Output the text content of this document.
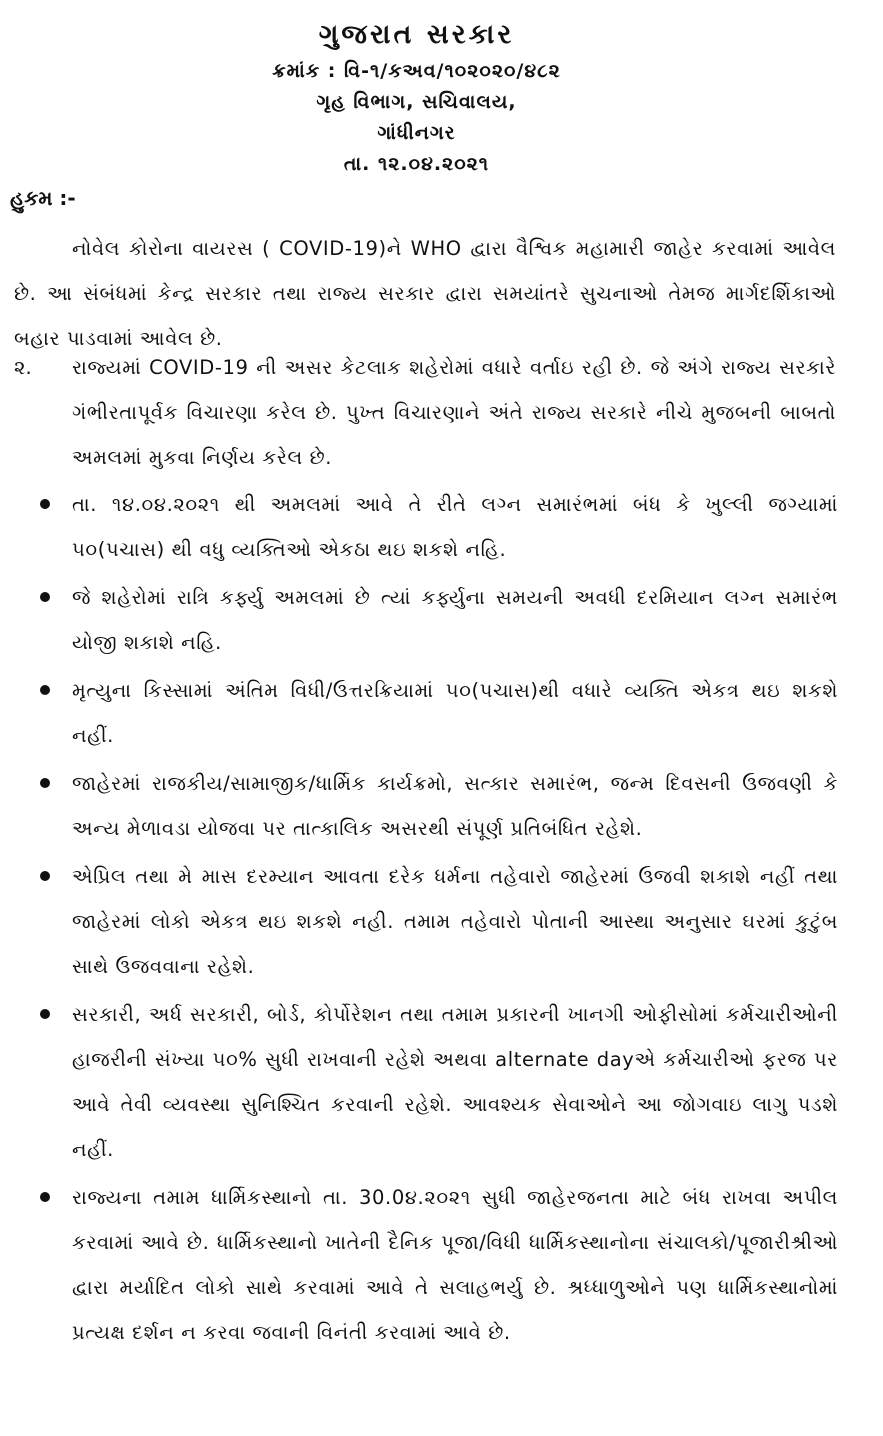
ગુજરાત સરકાર
ક્રમાંક : વિ-૧/કઅવ/૧૦૨૦૨૦/૪૮૨
ગૃહ વિભાગ, સચિવાલય,
ગાંધીનગર
તા. ૧૨.૦૪.૨૦૨૧
હુકમ :-
નોવેલ કોરોના વાયરસ ( COVID-19)ને WHO દ્વારા વૈશ્વિક મહામારી જાહેર કરવામાં આવેલ છે. આ સંબંધમાં કેન્દ્ર સરકાર તથા રાજ્ય સરકાર દ્વારા સમયાંતરે સુચનાઓ તેમજ માર્ગદર્શિકાઓ બહાર પાડવામાં આવેલ છે.
૨. રાજ્યમાં COVID-19 ની અસર કેટલાક શહેરોમાં વધારે વર્તાઇ રહી છે. જે અંગે રાજ્ય સરકારે ગંભીરતાપૂર્વક વિચારણા કરેલ છે. પુખ્ત વિચારણાને અંતે રાજ્ય સરકારે નીચે મુજબની બાબતો અમલમાં મુકવા નિર્ણય કરેલ છે.
તા. ૧૪.૦૪.૨૦૨૧ થી અમલમાં આવે તે રીતે લગ્ન સમારંભમાં બંધ કે ખુલ્લી જગ્યામાં ૫૦(પચાસ) થી વધુ વ્યક્તિઓ એકઠા થઇ શકશે નહિ.
જે શહેરોમાં રાત્રિ કર્ફ્યુ અમલમાં છે ત્યાં કર્ફ્યુના સમયની અવધી દરમિયાન લગ્ન સમારંભ યોજી શકાશે નહિ.
મૃત્યુના કિસ્સામાં અંતિમ વિધી/ઉત્તરક્રિયામાં ૫૦(પચાસ)થી વધારે વ્યક્તિ એકત્ર થઇ શકશે નહીં.
જાહેરમાં રાજકીય/સામાજીક/ધાર્મિક કાર્યક્રમો, સત્કાર સમારંભ, જન્મ દિવસની ઉજવણી કે અન્ય મેળાવડા યોજવા પર તાત્કાલિક અસરથી સંપૂર્ણ પ્રતિબંધિત રહેશે.
એપ્રિલ તથા મે માસ દરમ્યાન આવતા દરેક ધર્મના તહેવારો જાહેરમાં ઉજવી શકાશે નહીં તથા જાહેરમાં લોકો એકત્ર થઇ શકશે નહી. તમામ તહેવારો પોતાની આસ્થા અનુસાર ઘરમાં કુટુંબ સાથે ઉજવવાના રહેશે.
સરકારી, અર્ધ સરકારી, બોર્ડ, કોર્પોરેશન તથા તમામ પ્રકારની ખાનગી ઓફીસોમાં કર્મચારીઓની હાજરીની સંખ્યા ૫૦% સુધી રાખવાની રહેશે અથવા alternate dayએ કર્મચારીઓ ફરજ પર આવે તેવી વ્યવસ્થા સુનિશ્ચિત કરવાની રહેશે. આવશ્યક સેવાઓને આ જોગવાઇ લાગુ પડશે નહીં.
રાજ્યના તમામ ધાર્મિકસ્થાનો તા. 30.0૪.૨૦૨૧ સુધી જાહેરજનતા માટે બંધ રાખવા અપીલ કરવામાં આવે છે. ધાર્મિકસ્થાનો ખાતેની દૈનિક પૂજા/વિધી ધાર્મિકસ્થાનોના સંચાલકો/પૂજારીશ્રીઓ દ્વારા મર્યાદિત લોકો સાથે કરવામાં આવે તે સલાહભર્યુ છે. શ્રધ્ધાળુઓને પણ ધાર્મિકસ્થાનોમાં પ્રત્યક્ષ દર્શન ન કરવા જવાની વિનંતી કરવામાં આવે છે.
